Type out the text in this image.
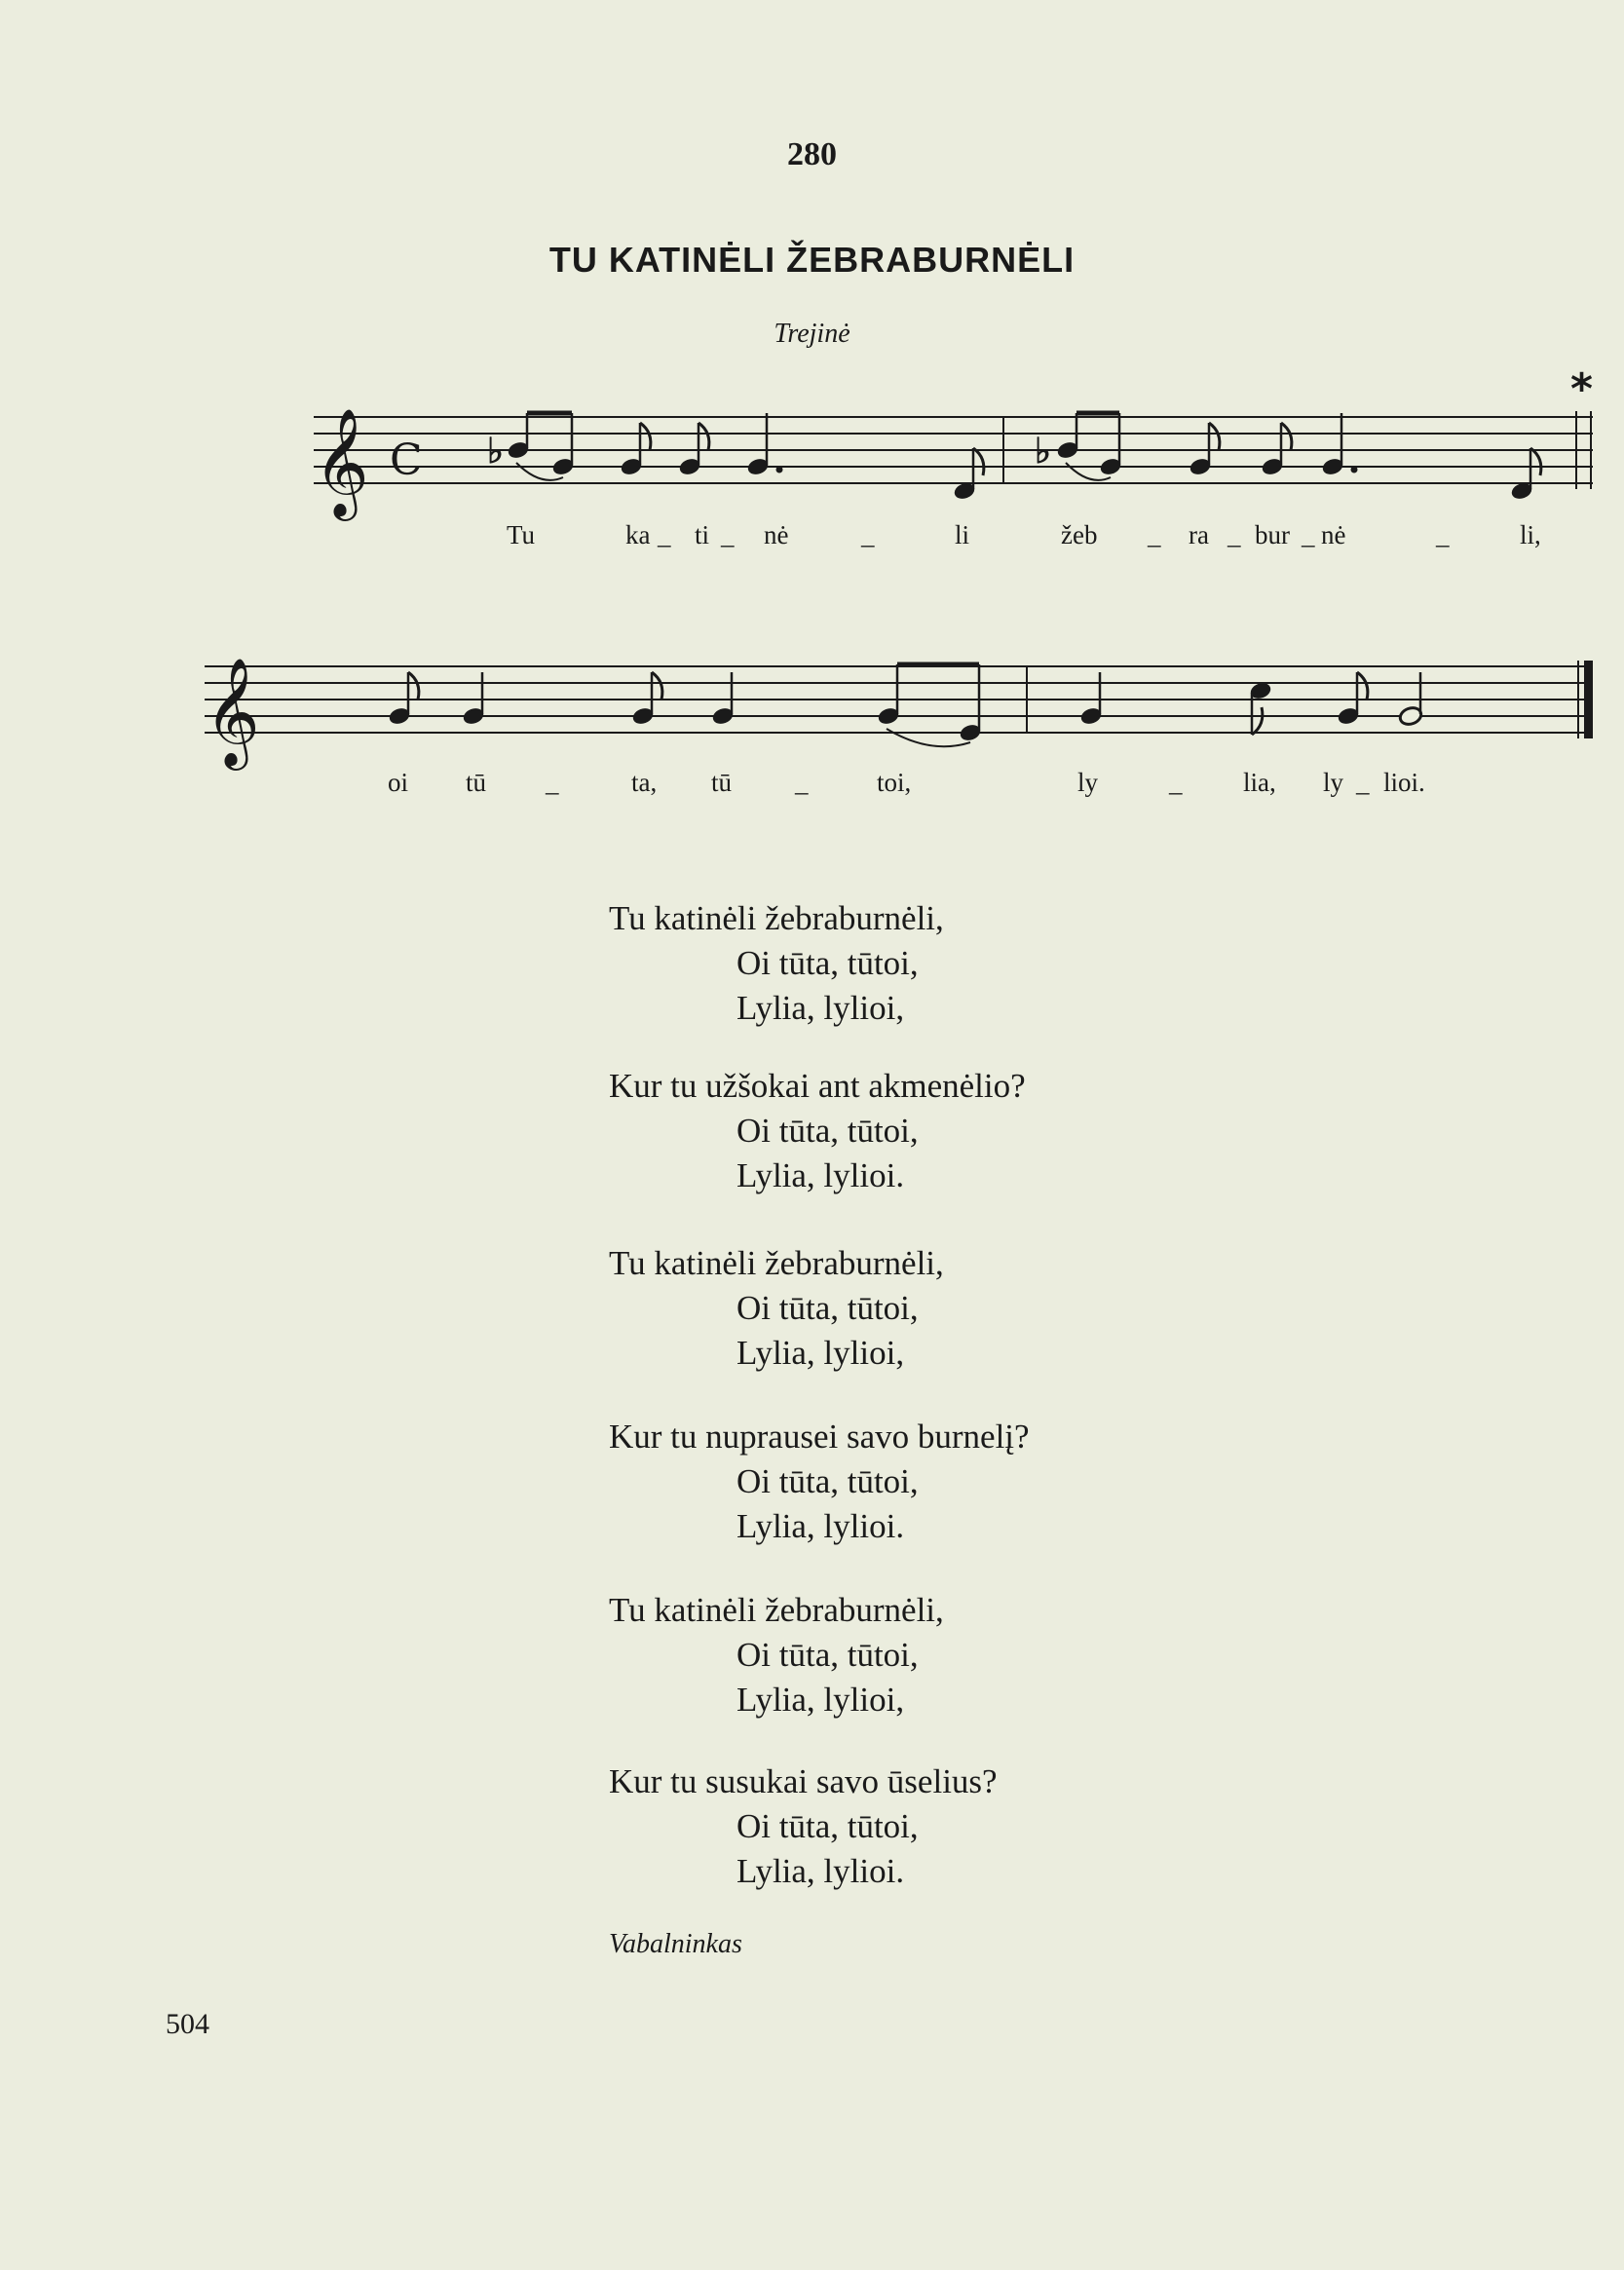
280
TU KATINĖLI ŽEBRABURNĖLI
Trejinė
*
𝄞 C ♭	♭
Tu	ka _ ti _ nė	_	li	žeb _ ra _ bur _ nė	_	li,
𝄞
oi tū _	ta, tū _	toi,	ly	_ lia, ly _ lioi.
Tu katinėli žebraburnėli,
Oi tūta, tūtoi,
Lylia, lylioi,
Kur tu užšokai ant akmenėlio?
Oi tūta, tūtoi,
Lylia, lylioi.
Tu katinėli žebraburnėli,
Oi tūta, tūtoi,
Lylia, lylioi,
Kur tu nuprausei savo burnelį?
Oi tūta, tūtoi,
Lylia, lylioi.
Tu katinėli žebraburnėli,
Oi tūta, tūtoi,
Lylia, lylioi,
Kur tu susukai savo ūselius?
Oi tūta, tūtoi,
Lylia, lylioi.
Vabalninkas
504
